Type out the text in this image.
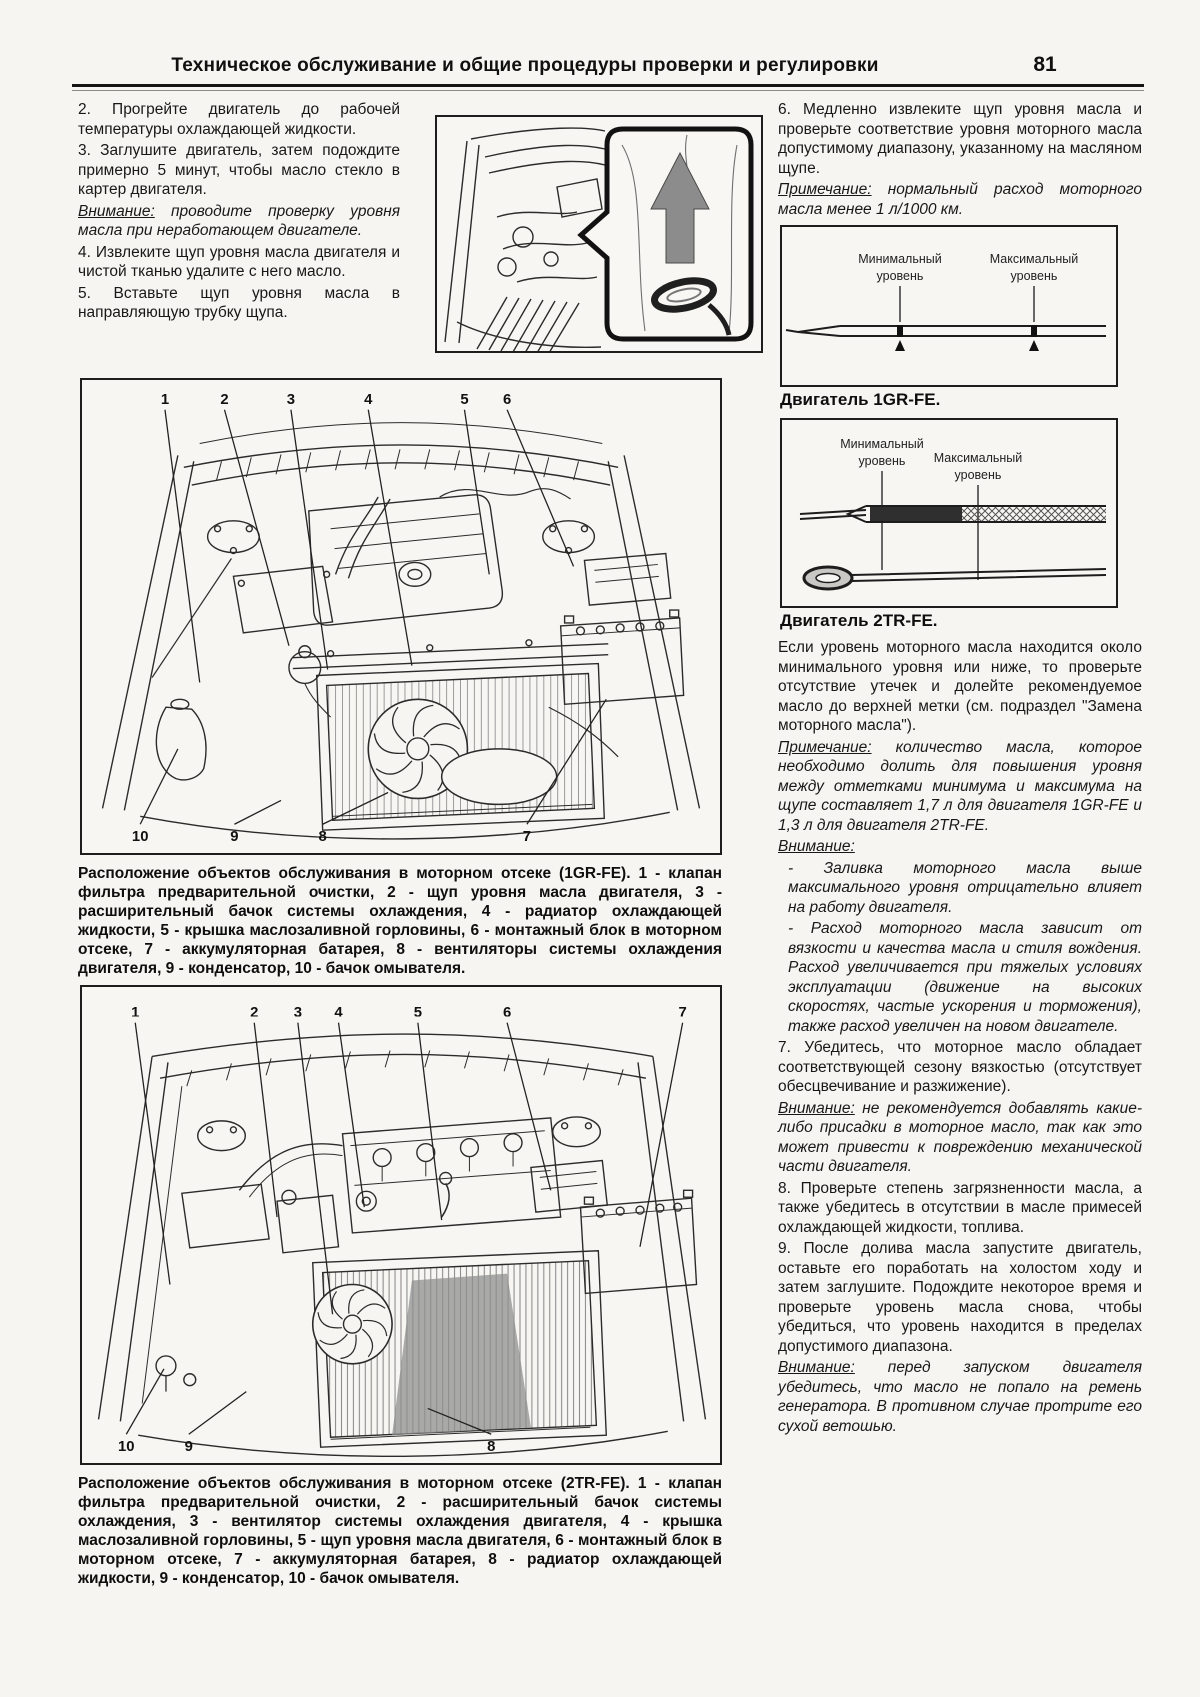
Техническое обслуживание и общие процедуры проверки и регулировки	81

2. Прогрейте двигатель до рабочей температуры охлаждающей жидкости.

3. Заглушите двигатель, затем подождите примерно 5 минут, чтобы масло стекло в картер двигателя.

Внимание: проводите проверку уровня масла при неработающем двигателе.

4. Извлеките щуп уровня масла двигателя и чистой тканью удалите с него масло.

5. Вставьте щуп уровня масла в направляющую трубку щупа.

6. Медленно извлеките щуп уровня масла и проверьте соответствие уровня моторного масла допустимому диапазону, указанному на масляном щупе.

Примечание: нормальный расход моторного масла менее 1 л/1000 км.

Минимальный
уровень
Максимальный
уровень
Двигатель 1GR-FE.
Минимальный
уровень Максимальный
уровень
Двигатель 2TR-FE.

Если уровень моторного масла находится около минимального уровня или ниже, то проверьте отсутствие утечек и долейте рекомендуемое масло до верхней метки (см. подраздел "Замена моторного масла").

Примечание: количество масла, которое необходимо долить для повышения уровня между отметками минимума и максимума на щупе составляет 1,7 л для двигателя 1GR-FE и 1,3 л для двигателя 2TR-FE.

Внимание:

- Заливка моторного масла выше максимального уровня отрицательно влияет на работу двигателя.

- Расход моторного масла зависит от вязкости и качества масла и стиля вождения. Расход увеличивается при тяжелых условиях эксплуатации (движение на высоких скоростях, частые ускорения и торможения), также расход увеличен на новом двигателе.

7. Убедитесь, что моторное масло обладает соответствующей сезону вязкостью (отсутствует обесцвечивание и разжижение).

Внимание: не рекомендуется добавлять какие-либо присадки в моторное масло, так как это может привести к повреждению механической части двигателя.

8. Проверьте степень загрязненности масла, а также убедитесь в отсутствии в масле примесей охлаждающей жидкости, топлива.

9. После долива масла запустите двигатель, оставьте его поработать на холостом ходу и затем заглушите. Подождите некоторое время и проверьте уровень масла снова, чтобы убедиться, что уровень находится в пределах допустимого диапазона.

Внимание: перед запуском двигателя убедитесь, что масло не попало на ремень генератора. В противном случае протрите его сухой ветошью.

1	2	3	4	5 6
10	9	8	7
Расположение объектов обслуживания в моторном отсеке (1GR-FE). 1 - клапан фильтра предварительной очистки, 2 - щуп уровня масла двигателя, 3 - расширительный бачок системы охлаждения, 4 - радиатор охлаждающей жидкости, 5 - крышка маслозаливной горловины, 6 - монтажный блок в моторном отсеке, 7 - аккумуляторная батарея, 8 - вентиляторы системы охлаждения двигателя, 9 - конденсатор, 10 - бачок омывателя.
1	2 3 4	5	6	7
10	9	8
Расположение объектов обслуживания в моторном отсеке (2TR-FE). 1 - клапан фильтра предварительной очистки, 2 - расширительный бачок системы охлаждения, 3 - вентилятор системы охлаждения двигателя, 4 - крышка маслозаливной горловины, 5 - щуп уровня масла двигателя, 6 - монтажный блок в моторном отсеке, 7 - аккумуляторная батарея, 8 - радиатор охлаждающей жидкости, 9 - конденсатор, 10 - бачок омывателя.
